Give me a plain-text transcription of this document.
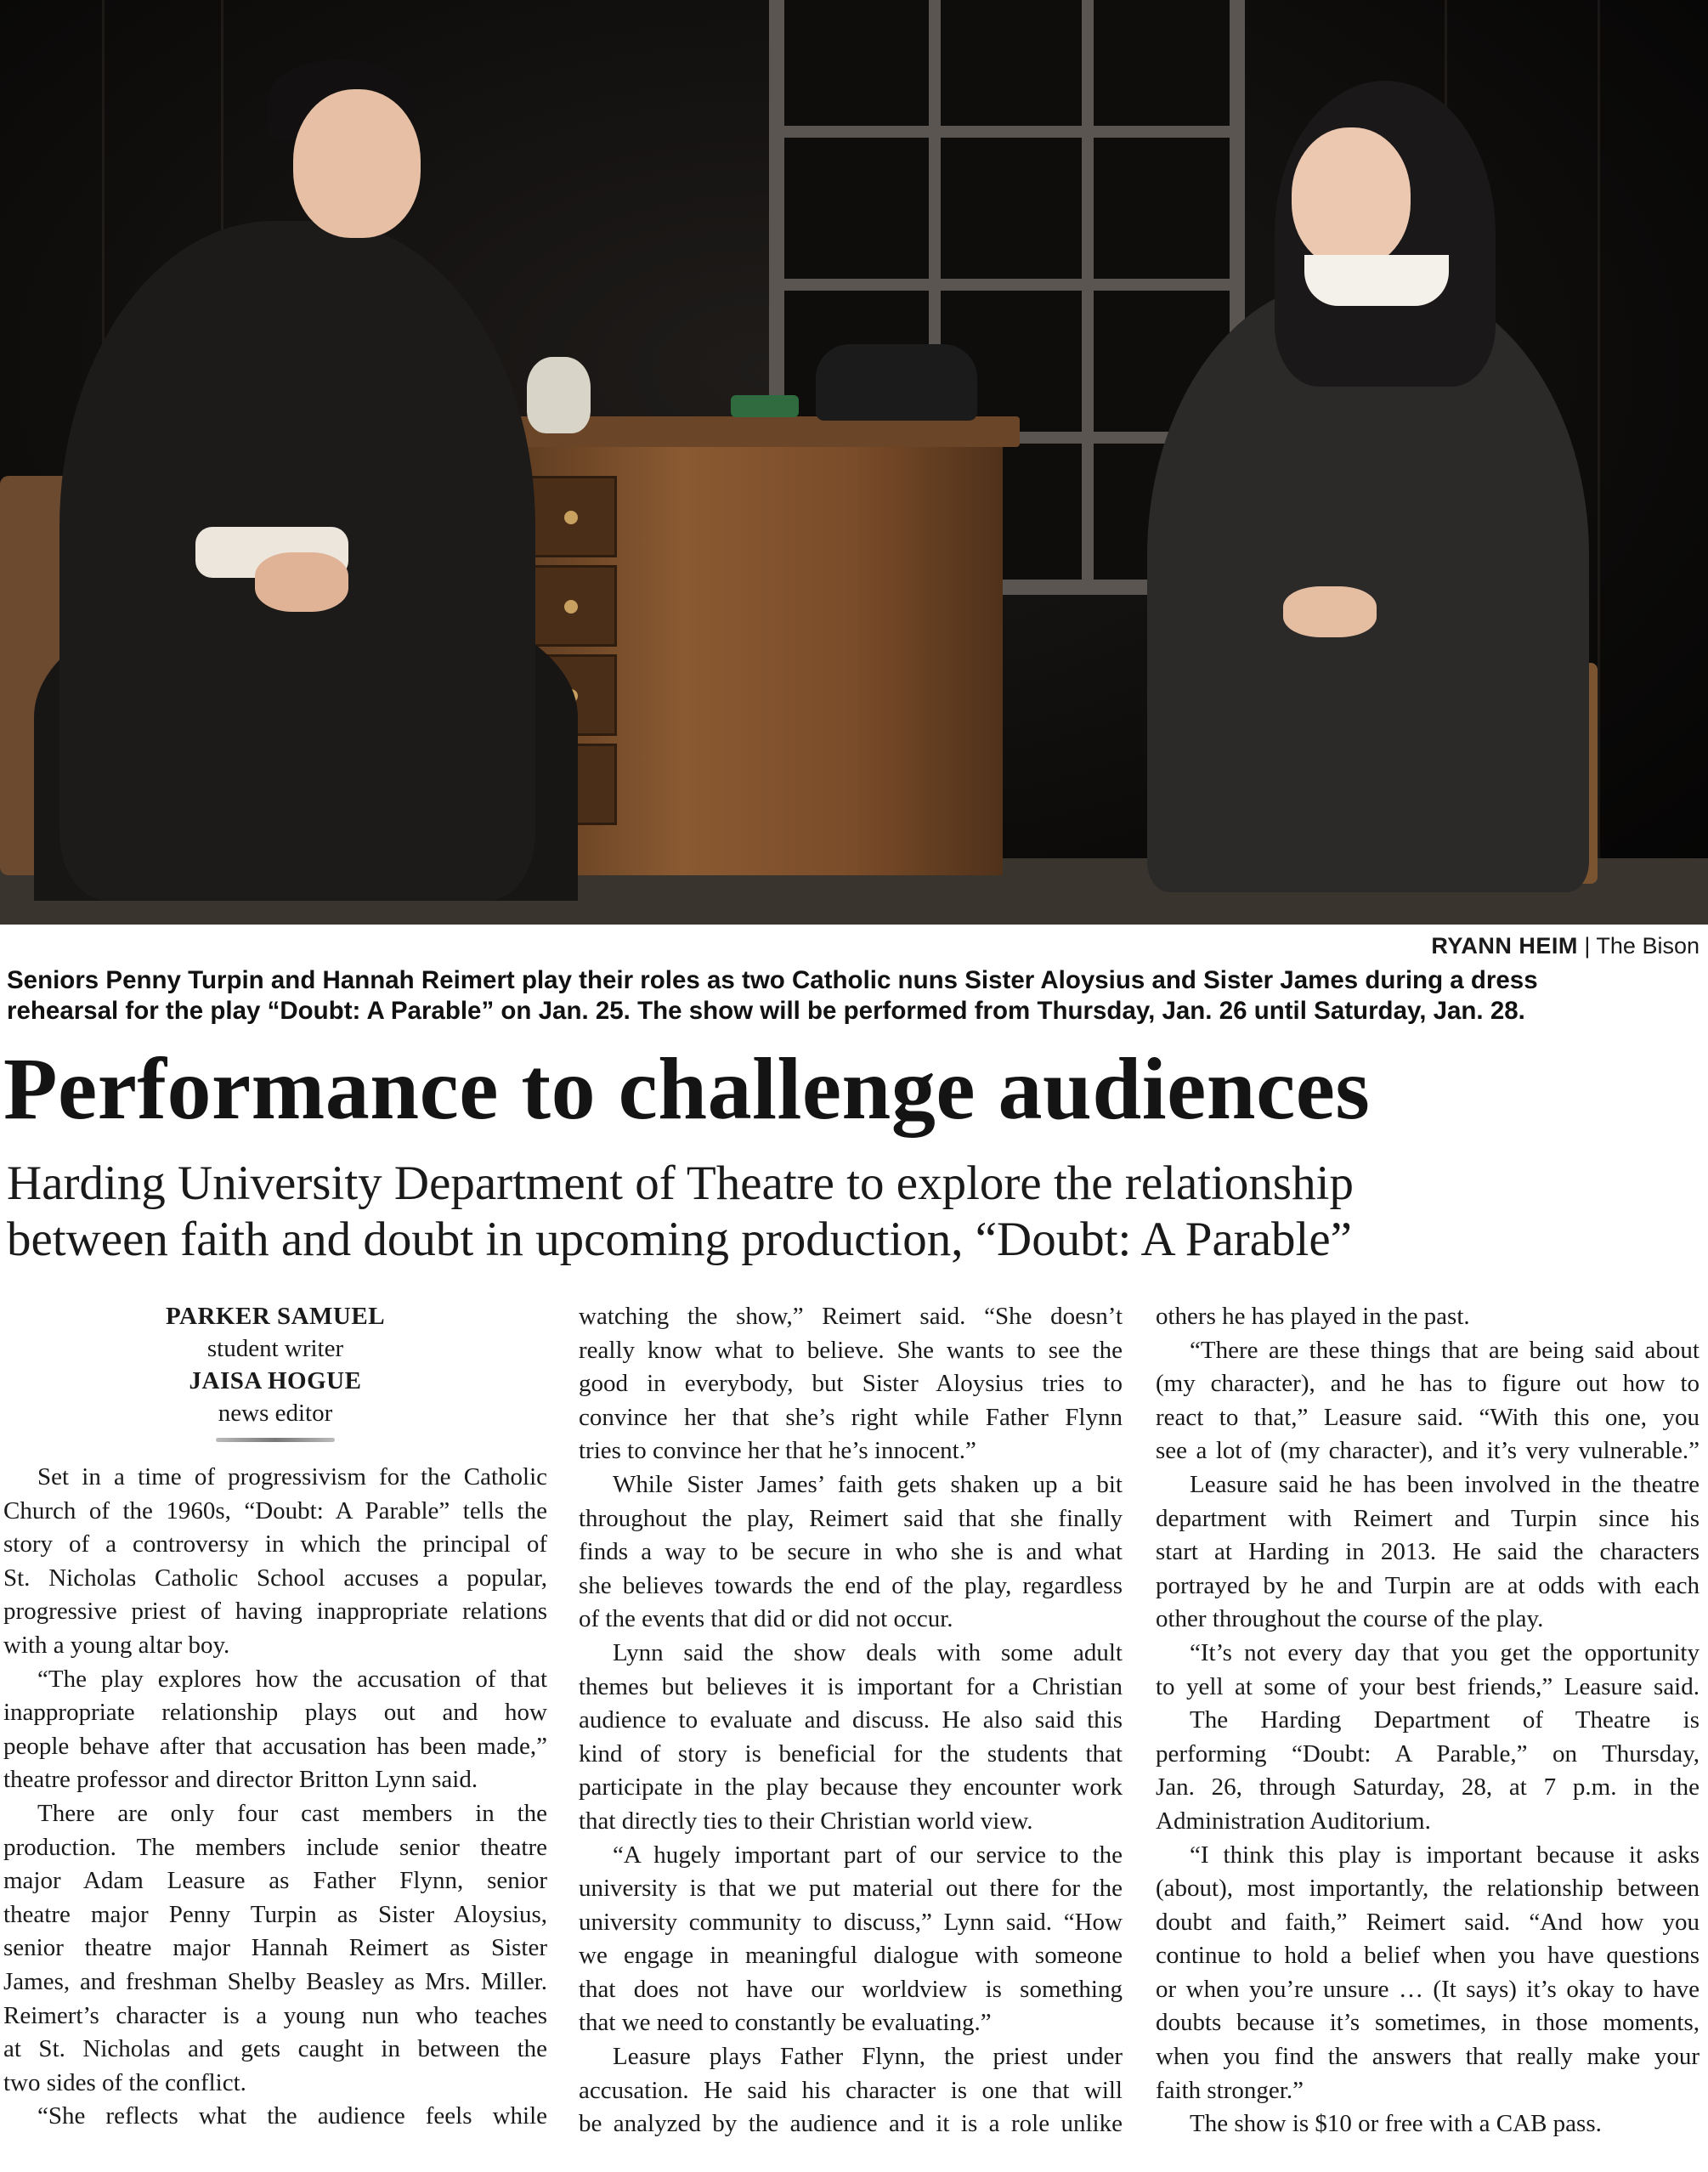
RYANN HEIM | The Bison
Seniors Penny Turpin and Hannah Reimert play their roles as two Catholic nuns Sister Aloysius and Sister James during a dress
rehearsal for the play “Doubt: A Parable” on Jan. 25. The show will be performed from Thursday, Jan. 26 until Saturday, Jan. 28.
Performance to challenge audiences
Harding University Department of Theatre to explore the relationship
between faith and doubt in upcoming production, “Doubt: A Parable”
PARKER SAMUEL
student writer
JAISA HOGUE
news editor
Set in a time of progressivism for the Catholic
Church of the 1960s, “Doubt: A Parable” tells the
story of a controversy in which the principal of
St. Nicholas Catholic School accuses a popular,
progressive priest of having inappropriate relations
with a young altar boy.
“The play explores how the accusation of that
inappropriate relationship plays out and how
people behave after that accusation has been made,”
theatre professor and director Britton Lynn said.
There are only four cast members in the
production. The members include senior theatre
major Adam Leasure as Father Flynn, senior
theatre major Penny Turpin as Sister Aloysius,
senior theatre major Hannah Reimert as Sister
James, and freshman Shelby Beasley as Mrs. Miller.
Reimert’s character is a young nun who teaches
at St. Nicholas and gets caught in between the
two sides of the conflict.
“She reflects what the audience feels while
watching the show,” Reimert said. “She doesn’t
really know what to believe. She wants to see the
good in everybody, but Sister Aloysius tries to
convince her that she’s right while Father Flynn
tries to convince her that he’s innocent.”
While Sister James’ faith gets shaken up a bit
throughout the play, Reimert said that she finally
finds a way to be secure in who she is and what
she believes towards the end of the play, regardless
of the events that did or did not occur.
Lynn said the show deals with some adult
themes but believes it is important for a Christian
audience to evaluate and discuss. He also said this
kind of story is beneficial for the students that
participate in the play because they encounter work
that directly ties to their Christian world view.
“A hugely important part of our service to the
university is that we put material out there for the
university community to discuss,” Lynn said. “How
we engage in meaningful dialogue with someone
that does not have our worldview is something
that we need to constantly be evaluating.”
Leasure plays Father Flynn, the priest under
accusation. He said his character is one that will
be analyzed by the audience and it is a role unlike
others he has played in the past.
“There are these things that are being said about
(my character), and he has to figure out how to
react to that,” Leasure said. “With this one, you
see a lot of (my character), and it’s very vulnerable.”
Leasure said he has been involved in the theatre
department with Reimert and Turpin since his
start at Harding in 2013. He said the characters
portrayed by he and Turpin are at odds with each
other throughout the course of the play.
“It’s not every day that you get the opportunity
to yell at some of your best friends,” Leasure said.
The Harding Department of Theatre is
performing “Doubt: A Parable,” on Thursday,
Jan. 26, through Saturday, 28, at 7 p.m. in the
Administration Auditorium.
“I think this play is important because it asks
(about), most importantly, the relationship between
doubt and faith,” Reimert said. “And how you
continue to hold a belief when you have questions
or when you’re unsure … (It says) it’s okay to have
doubts because it’s sometimes, in those moments,
when you find the answers that really make your
faith stronger.”
The show is $10 or free with a CAB pass.
